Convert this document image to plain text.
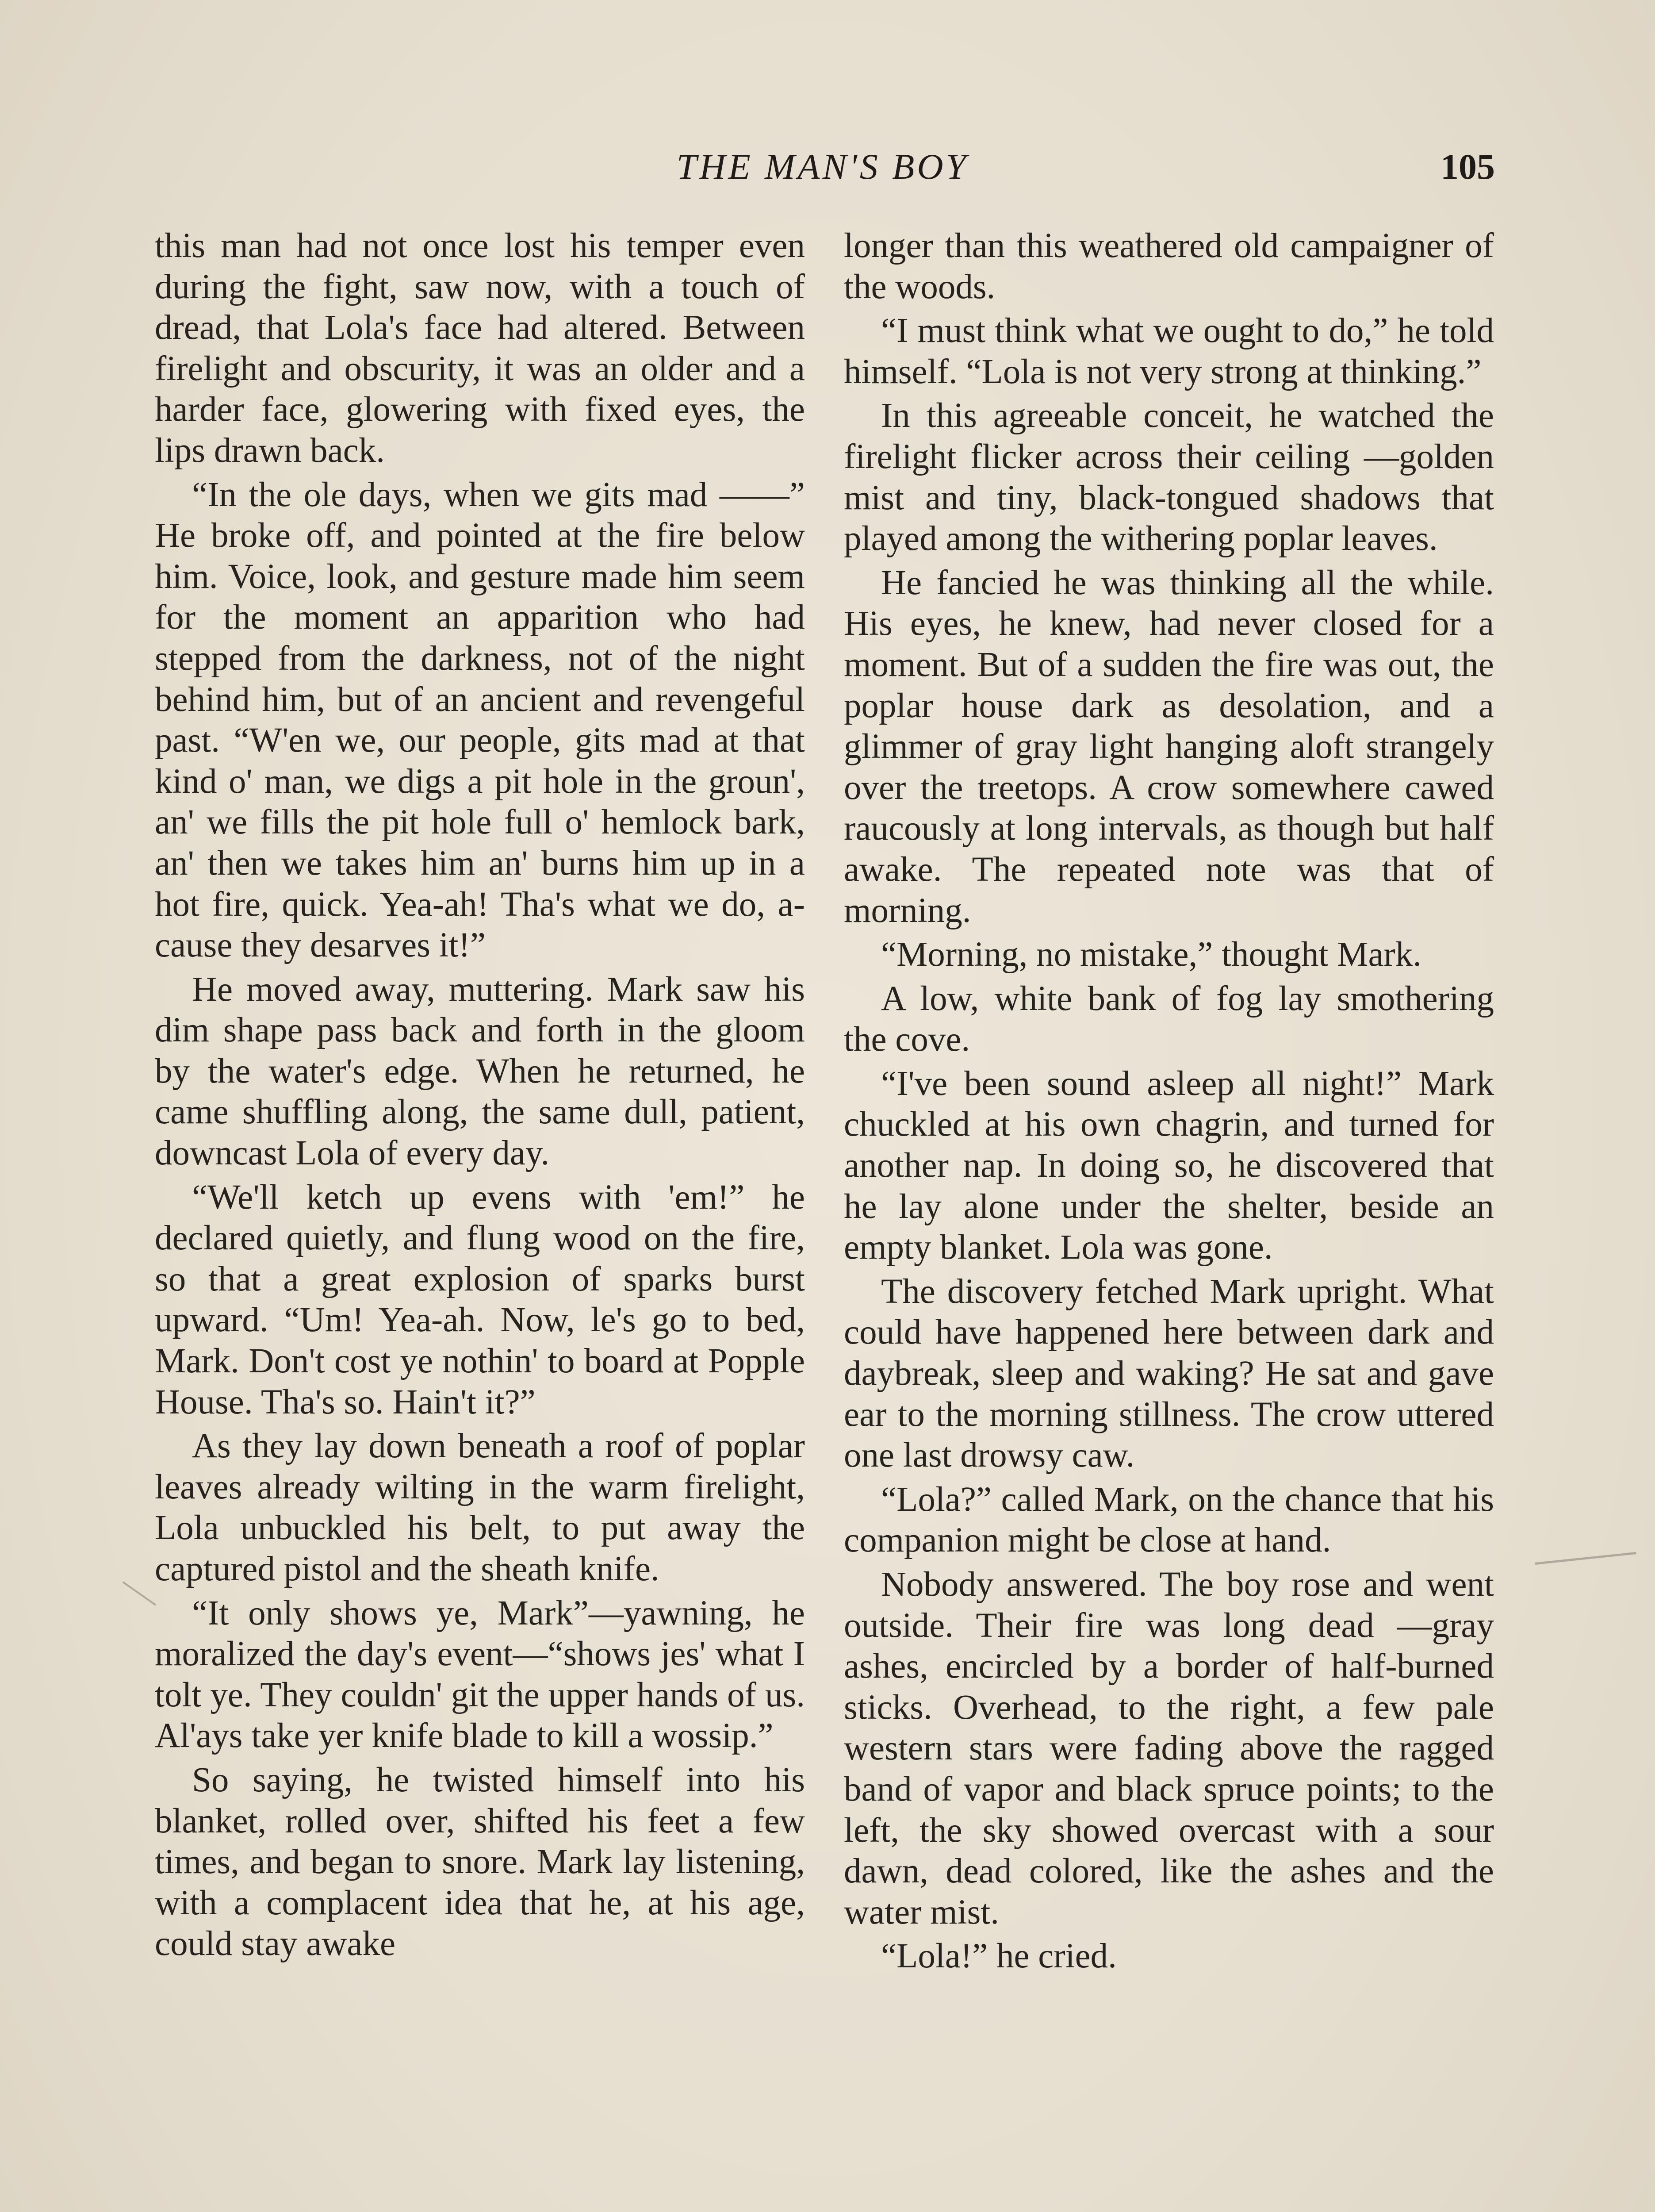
THE MAN'S BOY	105

this man had not once lost his temper even during the fight, saw now, with a touch of dread, that Lola's face had altered. Between firelight and obscurity, it was an older and a harder face, glowering with fixed eyes, the lips drawn back.

“In the ole days, when we gits mad ——” He broke off, and pointed at the fire below him. Voice, look, and gesture made him seem for the moment an apparition who had stepped from the darkness, not of the night behind him, but of an ancient and revengeful past. “W'en we, our people, gits mad at that kind o' man, we digs a pit hole in the groun', an' we fills the pit hole full o' hemlock bark, an' then we takes him an' burns him up in a hot fire, quick. Yea-ah! Tha's what we do, a-cause they desarves it!”

He moved away, muttering. Mark saw his dim shape pass back and forth in the gloom by the water's edge. When he returned, he came shuffling along, the same dull, patient, downcast Lola of every day.

“We'll ketch up evens with 'em!” he declared quietly, and flung wood on the fire, so that a great explosion of sparks burst upward. “Um! Yea-ah. Now, le's go to bed, Mark. Don't cost ye nothin' to board at Popple House. Tha's so. Hain't it?”

As they lay down beneath a roof of poplar leaves already wilting in the warm firelight, Lola unbuckled his belt, to put away the captured pistol and the sheath knife.

“It only shows ye, Mark”—yawning, he moralized the day's event—“shows jes' what I tolt ye. They couldn' git the upper hands of us. Al'ays take yer knife blade to kill a wossip.”

So saying, he twisted himself into his blanket, rolled over, shifted his feet a few times, and began to snore. Mark lay listening, with a complacent idea that he, at his age, could stay awake

longer than this weathered old campaigner of the woods.

“I must think what we ought to do,” he told himself. “Lola is not very strong at thinking.”

In this agreeable conceit, he watched the firelight flicker across their ceiling —golden mist and tiny, black-tongued shadows that played among the withering poplar leaves.

He fancied he was thinking all the while. His eyes, he knew, had never closed for a moment. But of a sudden the fire was out, the poplar house dark as desolation, and a glimmer of gray light hanging aloft strangely over the treetops. A crow somewhere cawed raucously at long intervals, as though but half awake. The repeated note was that of morning.

“Morning, no mistake,” thought Mark.

A low, white bank of fog lay smothering the cove.

“I've been sound asleep all night!” Mark chuckled at his own chagrin, and turned for another nap. In doing so, he discovered that he lay alone under the shelter, beside an empty blanket. Lola was gone.

The discovery fetched Mark upright. What could have happened here between dark and daybreak, sleep and waking? He sat and gave ear to the morning stillness. The crow uttered one last drowsy caw.

“Lola?” called Mark, on the chance that his companion might be close at hand.

Nobody answered. The boy rose and went outside. Their fire was long dead —gray ashes, encircled by a border of half-burned sticks. Overhead, to the right, a few pale western stars were fading above the ragged band of vapor and black spruce points; to the left, the sky showed overcast with a sour dawn, dead colored, like the ashes and the water mist.

“Lola!” he cried.
